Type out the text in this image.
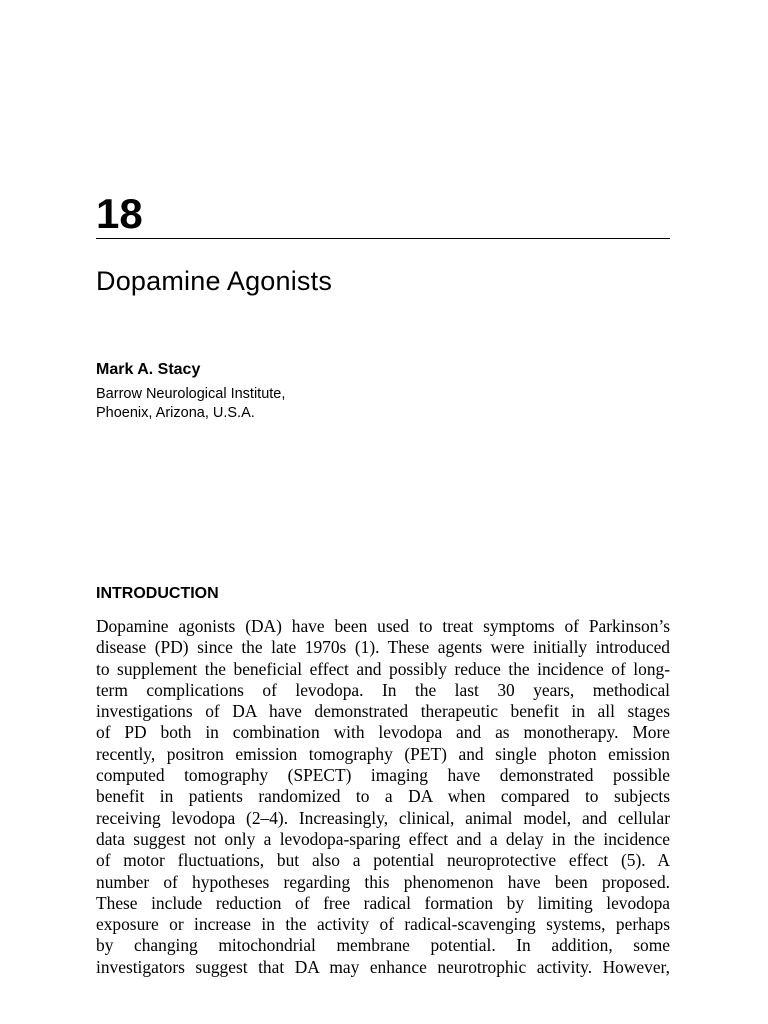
18
Dopamine Agonists
Mark A. Stacy
Barrow Neurological Institute,
Phoenix, Arizona, U.S.A.
INTRODUCTION
Dopamine agonists (DA) have been used to treat symptoms of Parkinson’s
disease (PD) since the late 1970s (1). These agents were initially introduced
to supplement the beneficial effect and possibly reduce the incidence of long-
term complications of levodopa. In the last 30 years, methodical
investigations of DA have demonstrated therapeutic benefit in all stages
of PD both in combination with levodopa and as monotherapy. More
recently, positron emission tomography (PET) and single photon emission
computed tomography (SPECT) imaging have demonstrated possible
benefit in patients randomized to a DA when compared to subjects
receiving levodopa (2–4). Increasingly, clinical, animal model, and cellular
data suggest not only a levodopa-sparing effect and a delay in the incidence
of motor fluctuations, but also a potential neuroprotective effect (5). A
number of hypotheses regarding this phenomenon have been proposed.
These include reduction of free radical formation by limiting levodopa
exposure or increase in the activity of radical-scavenging systems, perhaps
by changing mitochondrial membrane potential. In addition, some
investigators suggest that DA may enhance neurotrophic activity. However,
